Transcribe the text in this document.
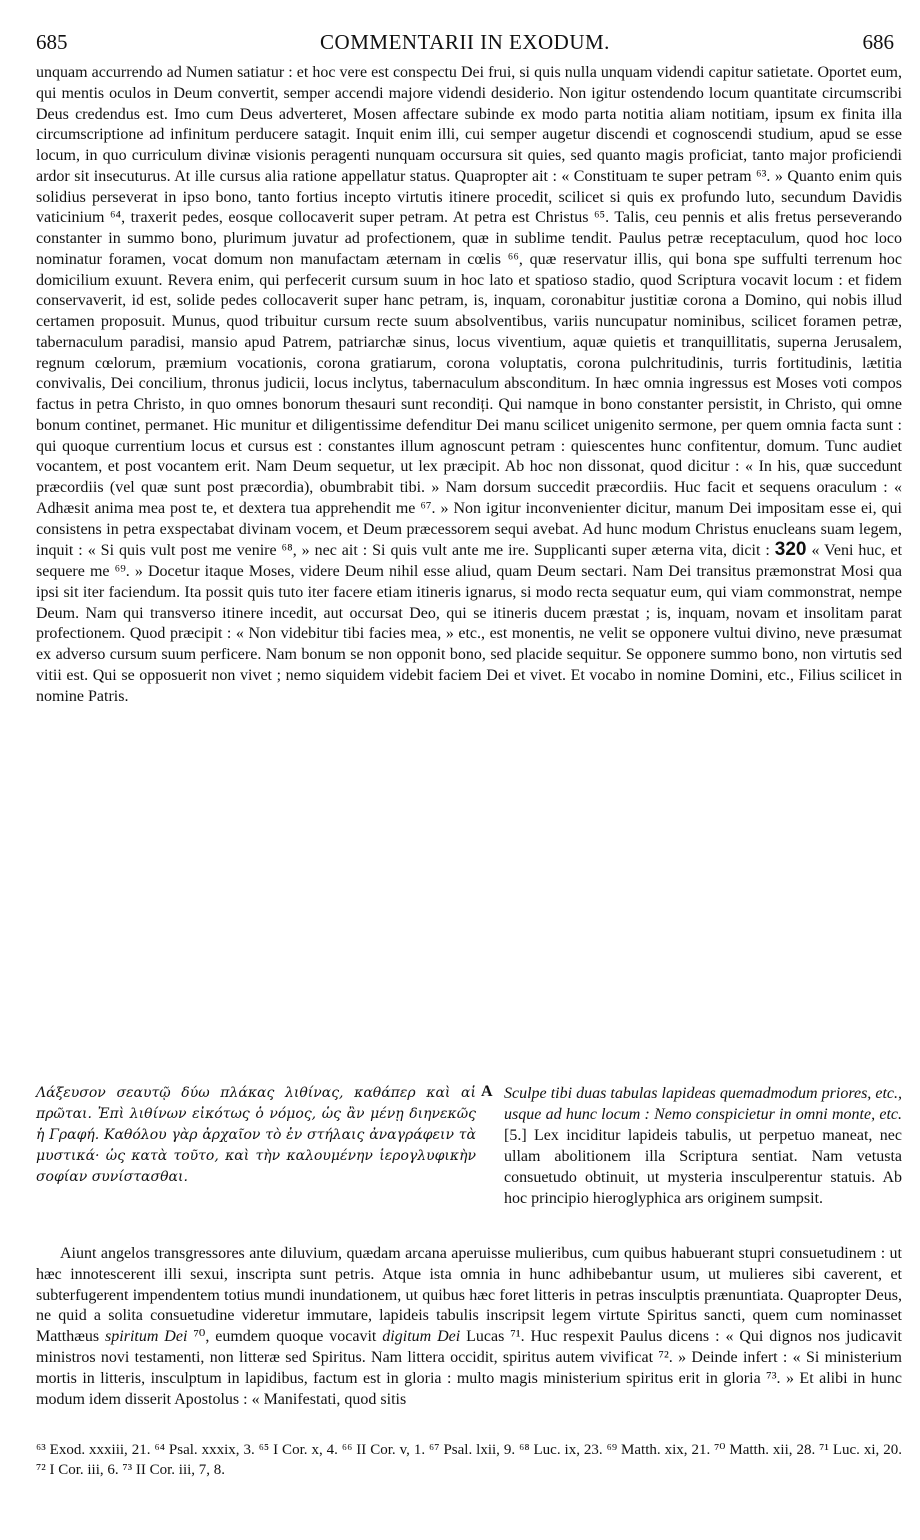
685	COMMENTARII IN EXODUM.	686

unquam accurrendo ad Numen satiatur : et hoc vere est conspectu Dei frui, si quis nulla unquam videndi capitur satietate. Oportet eum, qui mentis oculos in Deum convertit, semper accendi majore videndi desiderio. Non igitur ostendendo locum quantitate circumscribi Deus credendus est. Imo cum Deus adverteret, Mosen affectare subinde ex modo parta notitia aliam notitiam, ipsum ex finita illa circumscriptione ad infinitum perducere satagit. Inquit enim illi, cui semper augetur discendi et cognoscendi studium, apud se esse locum, in quo curriculum divinæ visionis peragenti nunquam occursura sit quies, sed quanto magis proficiat, tanto major proficiendi ardor sit insecuturus. At ille cursus alia ratione appellatur status. Quapropter ait : « Constituam te super petram ⁶³. » Quanto enim quis solidius perseverat in ipso bono, tanto fortius incepto virtutis itinere procedit, scilicet si quis ex profundo luto, secundum Davidis vaticinium ⁶⁴, traxerit pedes, eosque collocaverit super petram. At petra est Christus ⁶⁵. Talis, ceu pennis et alis fretus perseverando constanter in summo bono, plurimum juvatur ad profectionem, quæ in sublime tendit. Paulus petræ receptaculum, quod hoc loco nominatur foramen, vocat domum non manufactam æternam in cœlis ⁶⁶, quæ reservatur illis, qui bona spe suffulti terrenum hoc domicilium exuunt. Revera enim, qui perfecerit cursum suum in hoc lato et spatioso stadio, quod Scriptura vocavit locum : et fidem conservaverit, id est, solide pedes collocaverit super hanc petram, is, inquam, coronabitur justitiæ corona a Domino, qui nobis illud certamen proposuit. Munus, quod tribuitur cursum recte suum absolventibus, variis nuncupatur nominibus, scilicet foramen petræ, tabernaculum paradisi, mansio apud Patrem, patriarchæ sinus, locus viventium, aquæ quietis et tranquillitatis, superna Jerusalem, regnum cœlorum, præmium vocationis, corona gratiarum, corona voluptatis, corona pulchritudinis, turris fortitudinis, lætitia convivalis, Dei concilium, thronus judicii, locus inclytus, tabernaculum absconditum. In hæc omnia ingressus est Moses voti compos factus in petra Christo, in quo omnes bonorum thesauri sunt recondiți. Qui namque in bono constanter persistit, in Christo, qui omne bonum continet, permanet. Hic munitur et diligentissime defenditur Dei manu scilicet unigenito sermone, per quem omnia facta sunt : qui quoque currentium locus et cursus est : constantes illum agnoscunt petram : quiescentes hunc confitentur, domum. Tunc audiet vocantem, et post vocantem erit. Nam Deum sequetur, ut lex præcipit. Ab hoc non dissonat, quod dicitur : « In his, quæ succedunt præcordiis (vel quæ sunt post præcordia), obumbrabit tibi. » Nam dorsum succedit præcordiis. Huc facit et sequens oraculum : « Adhæsit anima mea post te, et dextera tua apprehendit me ⁶⁷. » Non igitur inconvenienter dicitur, manum Dei impositam esse ei, qui consistens in petra exspectabat divinam vocem, et Deum præcessorem sequi avebat. Ad hunc modum Christus enucleans suam legem, inquit : « Si quis vult post me venire ⁶⁸, » nec ait : Si quis vult ante me ire. Supplicanti super æterna vita, dicit : 320 « Veni huc, et sequere me ⁶⁹. » Docetur itaque Moses, videre Deum nihil esse aliud, quam Deum sectari. Nam Dei transitus præmonstrat Mosi qua ipsi sit iter faciendum. Ita possit quis tuto iter facere etiam itineris ignarus, si modo recta sequatur eum, qui viam commonstrat, nempe Deum. Nam qui transverso itinere incedit, aut occursat Deo, qui se itineris ducem præstat ; is, inquam, novam et insolitam parat profectionem. Quod præcipit : « Non videbitur tibi facies mea, » etc., est monentis, ne velit se opponere vultui divino, neve præsumat ex adverso cursum suum perficere. Nam bonum se non opponit bono, sed placide sequitur. Se opponere summo bono, non virtutis sed vitii est. Qui se opposuerit non vivet ; nemo siquidem videbit faciem Dei et vivet. Et vocabo in nomine Domini, etc., Filius scilicet in nomine Patris.

Λάξευσον σεαυτῷ δύω πλάκας λιθίνας, καθάπερ καὶ αἱ πρῶται. Ἐπὶ λιθίνων εἰκότως ὁ νόμος, ὡς ἂν μένῃ διηνεκῶς ἡ Γραφή. Καθόλου γὰρ ἀρχαῖον τὸ ἐν στήλαις ἀναγράφειν τὰ μυστικά· ὡς κατὰ τοῦτο, καὶ τὴν καλουμένην ἱερογλυφικὴν σοφίαν συνίστασθαι.
A Sculpe tibi duas tabulas lapideas quemadmodum priores, etc., usque ad hunc locum : Nemo conspicietur in omni monte, etc. [5.] Lex inciditur lapideis tabulis, ut perpetuo maneat, nec ullam abolitionem illa Scriptura sentiat. Nam vetusta consuetudo obtinuit, ut mysteria insculperentur statuis. Ab hoc principio hieroglyphica ars originem sumpsit.
Aiunt angelos transgressores ante diluvium, quædam arcana aperuisse mulieribus, cum quibus habuerant stupri consuetudinem : ut hæc innotescerent illi sexui, inscripta sunt petris. Atque ista omnia in hunc adhibebantur usum, ut mulieres sibi caverent, et subterfugerent impendentem totius mundi inundationem, ut quibus hæc foret litteris in petras insculptis prænuntiata. Quapropter Deus, ne quid a solita consuetudine videretur immutare, lapideis tabulis inscripsit legem virtute Spiritus sancti, quem cum nominasset Matthæus spiritum Dei ⁷⁰, eumdem quoque vocavit digitum Dei Lucas ⁷¹. Huc respexit Paulus dicens : « Qui dignos nos judicavit ministros novi testamenti, non litteræ sed Spiritus. Nam littera occidit, spiritus autem vivificat ⁷². » Deinde infert : « Si ministerium mortis in litteris, insculptum in lapidibus, factum est in gloria : multo magis ministerium spiritus erit in gloria ⁷³. » Et alibi in hunc modum idem disserit Apostolus : « Manifestati, quod sitis
⁶³ Exod. xxxiii, 21. ⁶⁴ Psal. xxxix, 3. ⁶⁵ I Cor. x, 4. ⁶⁶ II Cor. v, 1. ⁶⁷ Psal. lxii, 9. ⁶⁸ Luc. ix, 23. ⁶⁹ Matth. xix, 21. ⁷⁰ Matth. xii, 28. ⁷¹ Luc. xi, 20. ⁷² I Cor. iii, 6. ⁷³ II Cor. iii, 7, 8.
